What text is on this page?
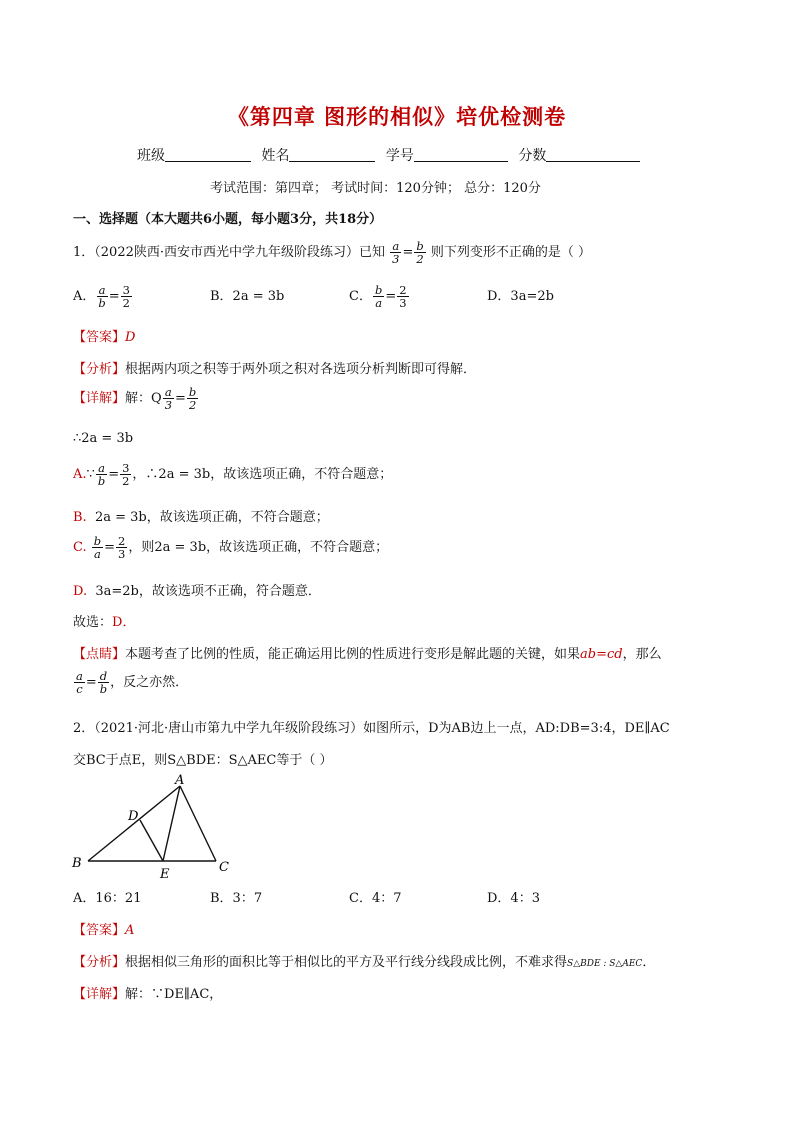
《第四章 图形的相似》培优检测卷
班级	姓名	学号	分数
考试范围：第四章； 考试时间：120分钟； 总分：120分
一、选择题（本大题共6小题，每小题3分，共18分）
1．（2022陕西·西安市西光中学九年级阶段练习）已知 $\frac{a}{3} = \frac{b}{2}$ 则下列变形不正确的是（ ）
A． $\frac{a}{b} = \frac{3}{2}$	B．2a = 3b	C． $\frac{b}{a} = \frac{2}{3}$	D．3a=2b
【答案】D
【分析】根据两内项之积等于两外项之积对各选项分析判断即可得解．
【详解】解：Q $\frac{a}{3} = \frac{b}{2}$
∴2a = 3b
A.∵ $\frac{a}{b} = \frac{3}{2}$ ，∴2a = 3b，故该选项正确，不符合题意；
B. 2a = 3b，故该选项正确，不符合题意；
C. $\frac{b}{a} = \frac{2}{3}$ ，则2a = 3b，故该选项正确，不符合题意；
D. 3a=2b，故该选项不正确，符合题意．
故选：D．
【点睛】本题考查了比例的性质，能正确运用比例的性质进行变形是解此题的关键，如果ab=cd，那么
$\frac{a}{c} = \frac{d}{b}$ ，反之亦然．
2．（2021·河北·唐山市第九中学九年级阶段练习）如图所示，D为AB边上一点，AD:DB=3:4，DE∥AC
交BC于点E，则S△BDE：S△AEC等于（ ）
A
B	C
D
E
A．16：21	B．3：7	C．4：7	D．4：3
【答案】A
【分析】根据相似三角形的面积比等于相似比的平方及平行线分线段成比例，不难求得S△BDE : S△AEC．
【详解】解：∵DE∥AC，
